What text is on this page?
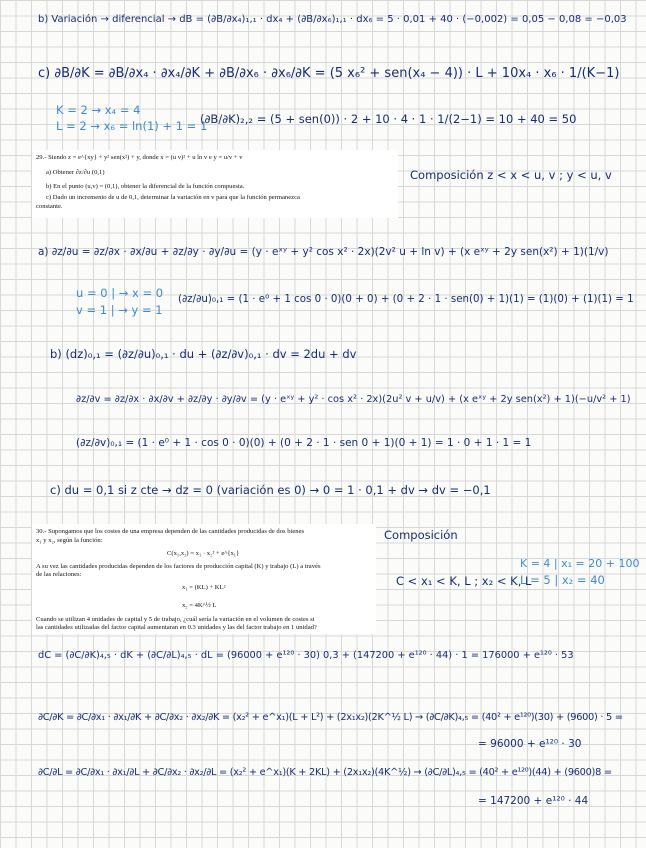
b) Variación → diferencial → dB = (∂B/∂x₄)₁,₁ · dx₄ + (∂B/∂x₆)₁,₁ · dx₆ = 5 · 0,01 + 40 · (−0,002) = 0,05 − 0,08 = −0,03
c) ∂B/∂K = ∂B/∂x₄ · ∂x₄/∂K + ∂B/∂x₆ · ∂x₆/∂K = (5 x₆² + sen(x₄ − 4)) · L + 10x₄ · x₆ · 1/(K−1)
K = 2 → x₄ = 4
L = 2 → x₆ = ln(1) + 1 = 1
(∂B/∂K)₂,₂ = (5 + sen(0)) · 2 + 10 · 4 · 1 · 1/(2−1) = 10 + 40 = 50
29.- Siendo z = e^{xy} + y² sen(x²) + y, donde x = (u v)² + u ln v e y = u/v + v
a) Obtener ∂z/∂u (0,1)
b) En el punto (u,v) = (0,1), obtener la diferencial de la función compuesta.
c) Dado un incremento de u de 0,1, determinar la variación en v para que la función permanezca
constante.
Composición z < x < u, v ; y < u, v
a) ∂z/∂u = ∂z/∂x · ∂x/∂u + ∂z/∂y · ∂y/∂u = (y · eˣʸ + y² cos x² · 2x)(2v² u + ln v) + (x eˣʸ + 2y sen(x²) + 1)(1/v)
u = 0 | → x = 0
v = 1 | → y = 1
(∂z/∂u)₀,₁ = (1 · e⁰ + 1 cos 0 · 0)(0 + 0) + (0 + 2 · 1 · sen(0) + 1)(1) = (1)(0) + (1)(1) = 1
b) (dz)₀,₁ = (∂z/∂u)₀,₁ · du + (∂z/∂v)₀,₁ · dv = 2du + dv
∂z/∂v = ∂z/∂x · ∂x/∂v + ∂z/∂y · ∂y/∂v = (y · eˣʸ + y² · cos x² · 2x)(2u² v + u/v) + (x eˣʸ + 2y sen(x²) + 1)(−u/v² + 1)
(∂z/∂v)₀,₁ = (1 · e⁰ + 1 · cos 0 · 0)(0) + (0 + 2 · 1 · sen 0 + 1)(0 + 1) = 1 · 0 + 1 · 1 = 1
c) du = 0,1 si z cte → dz = 0 (variación es 0) → 0 = 1 · 0,1 + dv → dv = −0,1
30.- Supongamos que los costes de una empresa dependen de las cantidades producidas de dos bienes
x₁ y x₂, según la función:
C(x₁,x₂) = x₁ · x₂² + e^{x₁}
A su vez las cantidades producidas dependen de los factores de producción capital (K) y trabajo (L) a través
de las relaciones:
x₁ = (KL) + KL²
x₂ = 4K^½ L
Cuando se utilizan 4 unidades de capital y 5 de trabajo, ¿cuál sería la variación en el volumen de costes si
las cantidades utilizadas del factor capital aumentaran en 0.3 unidades y las del factor trabajo en 1 unidad?
Composición
C < x₁ < K, L ; x₂ < K, L
K = 4 | x₁ = 20 + 100
L = 5 | x₂ = 40
dC = (∂C/∂K)₄,₅ · dK + (∂C/∂L)₄,₅ · dL = (96000 + e¹²⁰ · 30) 0,3 + (147200 + e¹²⁰ · 44) · 1 = 176000 + e¹²⁰ · 53
∂C/∂K = ∂C/∂x₁ · ∂x₁/∂K + ∂C/∂x₂ · ∂x₂/∂K = (x₂² + e^x₁)(L + L²) + (2x₁x₂)(2K^½ L) → (∂C/∂K)₄,₅ = (40² + e¹²⁰)(30) + (9600) · 5 =
= 96000 + e¹²⁰ · 30
∂C/∂L = ∂C/∂x₁ · ∂x₁/∂L + ∂C/∂x₂ · ∂x₂/∂L = (x₂² + e^x₁)(K + 2KL) + (2x₁x₂)(4K^½) → (∂C/∂L)₄,₅ = (40² + e¹²⁰)(44) + (9600)8 =
= 147200 + e¹²⁰ · 44
